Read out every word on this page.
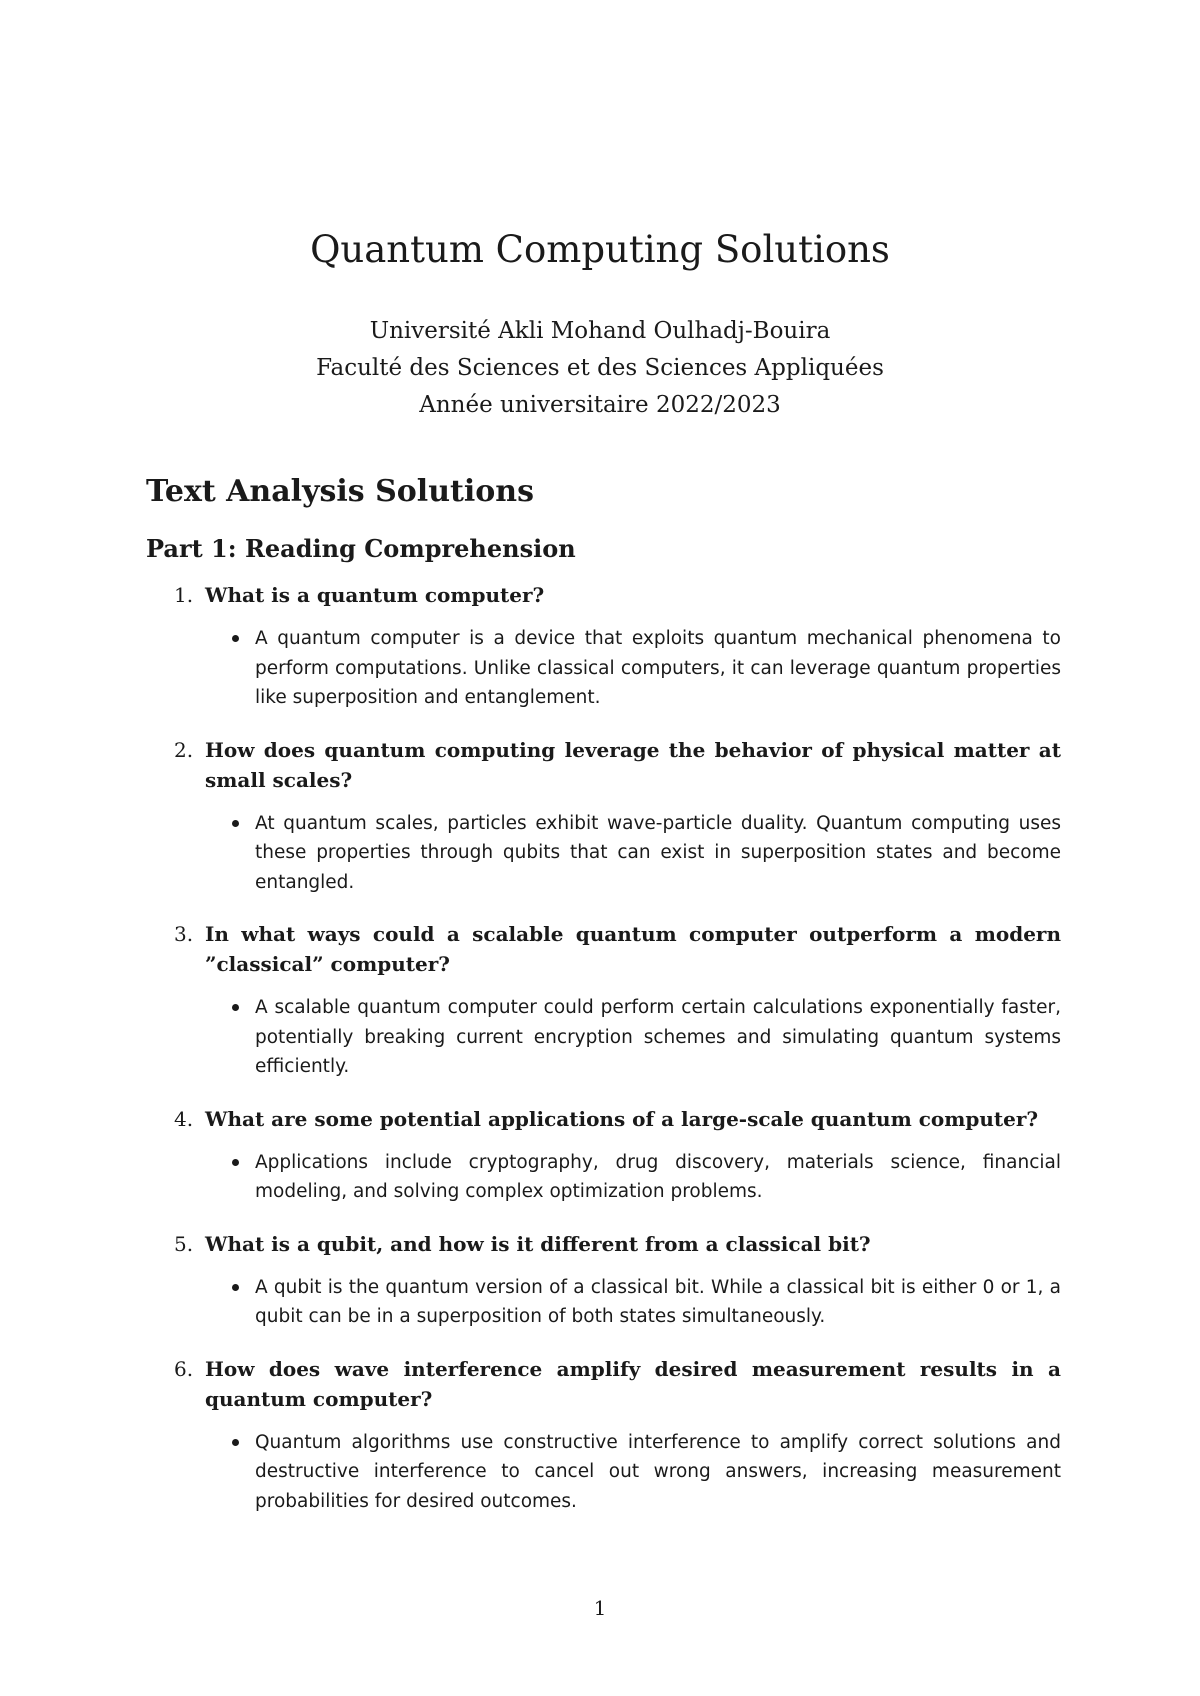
Quantum Computing Solutions
Université Akli Mohand Oulhadj-Bouira
Faculté des Sciences et des Sciences Appliquées
Année universitaire 2022/2023
Text Analysis Solutions
Part 1: Reading Comprehension
1. What is a quantum computer?
A quantum computer is a device that exploits quantum mechanical phenomena to perform computations. Unlike classical computers, it can leverage quantum properties like superposition and entanglement.
2. How does quantum computing leverage the behavior of physical matter at small scales?
At quantum scales, particles exhibit wave-particle duality. Quantum computing uses these properties through qubits that can exist in superposition states and become entangled.
3. In what ways could a scalable quantum computer outperform a modern ”classical” computer?
A scalable quantum computer could perform certain calculations exponentially faster, potentially breaking current encryption schemes and simulating quantum systems efficiently.
4. What are some potential applications of a large-scale quantum computer?
Applications include cryptography, drug discovery, materials science, financial modeling, and solving complex optimization problems.
5. What is a qubit, and how is it different from a classical bit?
A qubit is the quantum version of a classical bit. While a classical bit is either 0 or 1, a qubit can be in a superposition of both states simultaneously.
6. How does wave interference amplify desired measurement results in a quantum computer?
Quantum algorithms use constructive interference to amplify correct solutions and destructive interference to cancel out wrong answers, increasing measurement probabilities for desired outcomes.
1
